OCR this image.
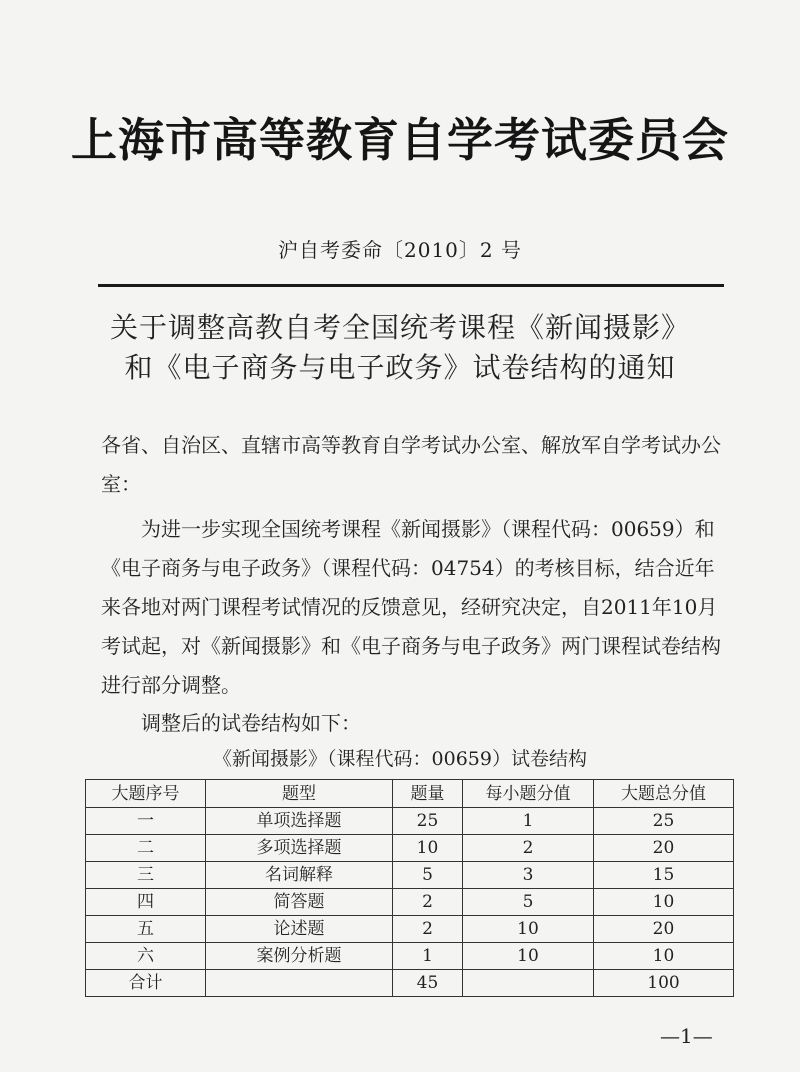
上海市高等教育自学考试委员会
沪自考委命〔2010〕2 号
关于调整高教自考全国统考课程《新闻摄影》
和《电子商务与电子政务》试卷结构的通知
各省、自治区、直辖市高等教育自学考试办公室、解放军自学考试办公室：
为进一步实现全国统考课程《新闻摄影》（课程代码：00659）和《电子商务与电子政务》（课程代码：04754）的考核目标，结合近年来各地对两门课程考试情况的反馈意见，经研究决定，自2011年10月考试起，对《新闻摄影》和《电子商务与电子政务》两门课程试卷结构进行部分调整。
调整后的试卷结构如下：
《新闻摄影》（课程代码：00659）试卷结构
大题序号	题型	题量	每小题分值	大题总分值
一	单项选择题	25	1	25
二	多项选择题	10	2	20
三	名词解释	5	3	15
四	简答题	2	5	10
五	论述题	2	10	20
六	案例分析题	1	10	10
合计		45		100
—1—
